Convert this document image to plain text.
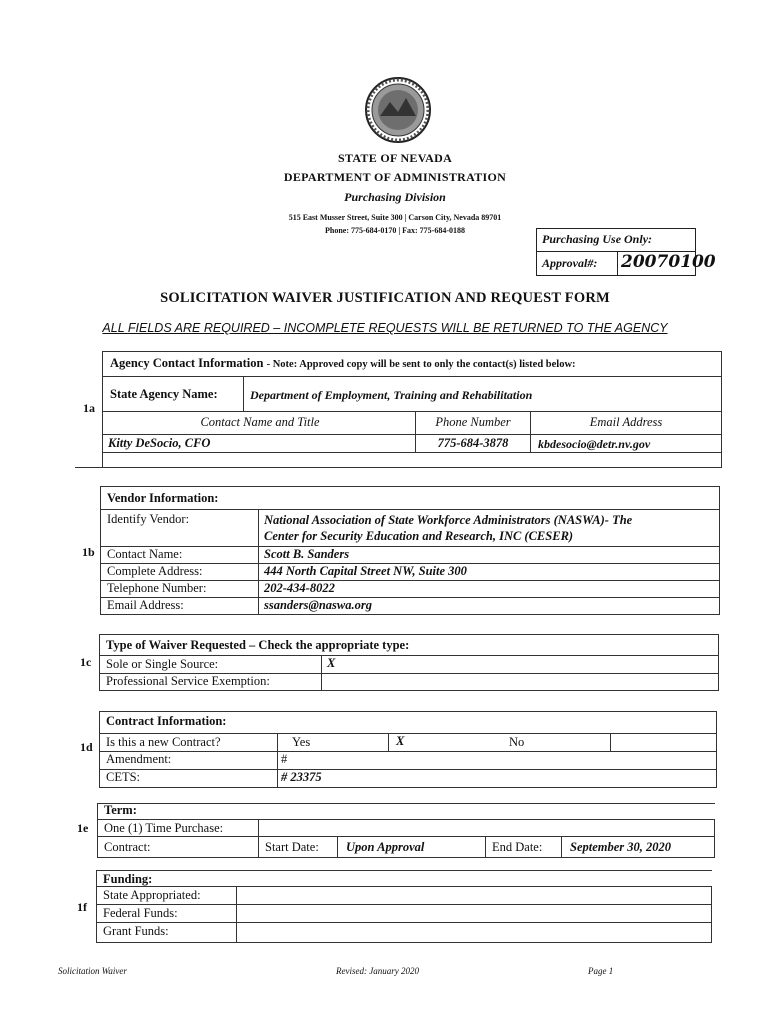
STATE OF NEVADA
DEPARTMENT OF ADMINISTRATION
Purchasing Division
515 East Musser Street, Suite 300 | Carson City, Nevada 89701
Phone: 775-684-0170 | Fax: 775-684-0188
Purchasing Use Only:
Approval#: 20070100
SOLICITATION WAIVER JUSTIFICATION AND REQUEST FORM
ALL FIELDS ARE REQUIRED – INCOMPLETE REQUESTS WILL BE RETURNED TO THE AGENCY
1a
Agency Contact Information - Note: Approved copy will be sent to only the contact(s) listed below:
State Agency Name:	Department of Employment, Training and Rehabilitation
Contact Name and Title	Phone Number	Email Address
Kitty DeSocio, CFO	775-684-3878	kbdesocio@detr.nv.gov
1b
Vendor Information:
Identify Vendor:	National Association of State Workforce Administrators (NASWA)- The
Center for Security Education and Research, INC (CESER)
Contact Name:	Scott B. Sanders
Complete Address:	444 North Capital Street NW, Suite 300
Telephone Number:	202-434-8022
Email Address:	ssanders@naswa.org
1c
Type of Waiver Requested – Check the appropriate type:
Sole or Single Source:	X
Professional Service Exemption:
1d
Contract Information:
Is this a new Contract?	Yes	X	No
Amendment:	#
CETS:	# 23375
1e
Term:
One (1) Time Purchase:
Contract:	Start Date: Upon Approval	End Date: September 30, 2020
1f
Funding:
State Appropriated:
Federal Funds:
Grant Funds:
Solicitation Waiver	Revised: January 2020	Page 1
